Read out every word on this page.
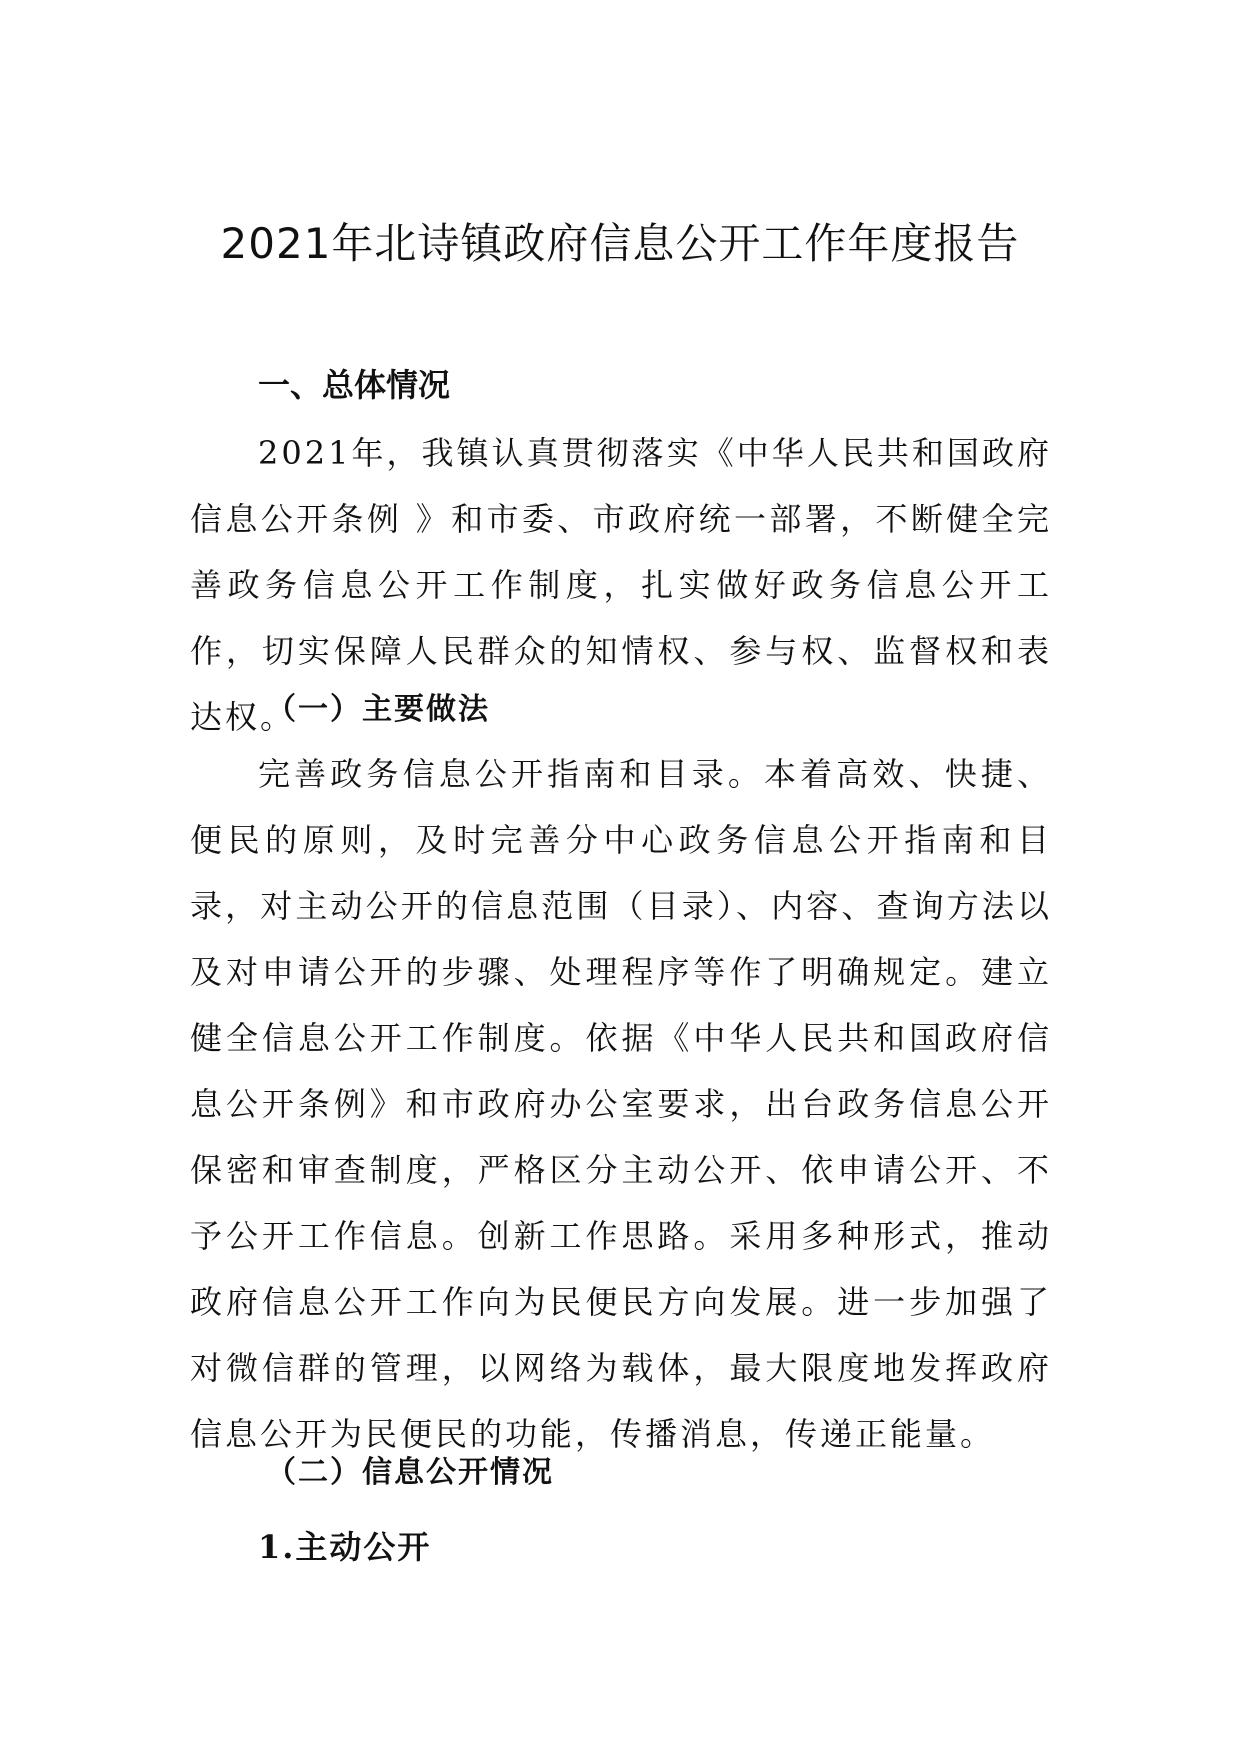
2021年北诗镇政府信息公开工作年度报告
一、总体情况

2021年，我镇认真贯彻落实《中华人民共和国政府信息公开条例 》和市委、市政府统一部署，不断健全完善政务信息公开工作制度，扎实做好政务信息公开工作，切实保障人民群众的知情权、参与权、监督权和表达权。

（一）主要做法

完善政务信息公开指南和目录。本着高效、快捷、便民的原则，及时完善分中心政务信息公开指南和目录，对主动公开的信息范围（目录）、内容、查询方法以及对申请公开的步骤、处理程序等作了明确规定。建立健全信息公开工作制度。依据《中华人民共和国政府信息公开条例》和市政府办公室要求，出台政务信息公开保密和审查制度，严格区分主动公开、依申请公开、不予公开工作信息。创新工作思路。采用多种形式，推动政府信息公开工作向为民便民方向发展。进一步加强了对微信群的管理，以网络为载体，最大限度地发挥政府信息公开为民便民的功能，传播消息，传递正能量。

（二）信息公开情况
1.主动公开
